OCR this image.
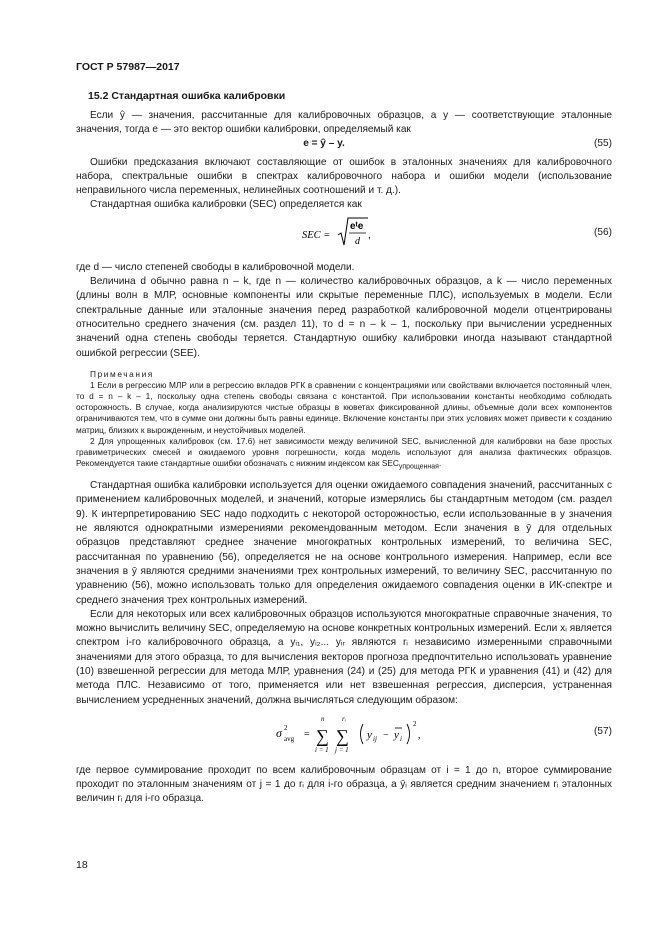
ГОСТ Р 57987—2017
15.2 Стандартная ошибка калибровки

Если ŷ — значения, рассчитанные для калибровочных образцов, а y — соответствующие эталонные значения, тогда e — это вектор ошибки калибровки, определяемый как

e = ŷ – y.	(55)

Ошибки предсказания включают составляющие от ошибок в эталонных значениях для калибровочного набора, спектральные ошибки в спектрах калибровочного набора и ошибки модели (использование неправильного числа переменных, нелинейных соотношений и т. д.).

Стандартная ошибка калибровки (SEC) определяется как

SEC =
eᵗe
d
,	(56)

где d — число степеней свободы в калибровочной модели.

Величина d обычно равна n – k, где n — количество калибровочных образцов, а k — число переменных (длины волн в МЛР, основные компоненты или скрытые переменные ПЛС), используемых в модели. Если спектральные данные или эталонные значения перед разработкой калибровочной модели отцентрированы относительно среднего значения (см. раздел 11), то d = n – k – 1, поскольку при вычислении усредненных значений одна степень свободы теряется. Стандартную ошибку калибровки иногда называют стандартной ошибкой регрессии (SEE).

Примечания

1 Если в регрессию МЛР или в регрессию вкладов РГК в сравнении с концентрациями или свойствами включается постоянный член, то d = n – k – 1, поскольку одна степень свободы связана с константой. При использовании константы необходимо соблюдать осторожность. В случае, когда анализируются чистые образцы в кюветах фиксированной длины, объемные доли всех компонентов ограничиваются тем, что в сумме они должны быть равны единице. Включение константы при этих условиях может привести к созданию матриц, близких к вырожденным, и неустойчивых моделей.

2 Для упрощенных калибровок (см. 17.6) нет зависимости между величиной SEC, вычисленной для калибровки на базе простых гравиметрических смесей и ожидаемого уровня погрешности, когда модель используют для анализа фактических образцов. Рекомендуется такие стандартные ошибки обозначать с нижним индексом как $SEC_{упрощенная}$.

Стандартная ошибка калибровки используется для оценки ожидаемого совпадения значений, рассчитанных с применением калибровочных моделей, и значений, которые измерялись бы стандартным методом (см. раздел 9). К интерпретированию SEC надо подходить с некоторой осторожностью, если использованные в y значения не являются однократными измерениями рекомендованным методом. Если значения в ȳ для отдельных образцов представляют среднее значение многократных контрольных измерений, то величина SEC, рассчитанная по уравнению (56), определяется не на основе контрольного измерения. Например, если все значения в ȳ являются средними значениями трех контрольных измерений, то величину SEC, рассчитанную по уравнению (56), можно использовать только для определения ожидаемого совпадения оценки в ИК-спектре и среднего значения трех контрольных измерений.

Если для некоторых или всех калибровочных образцов используются многократные справочные значения, то можно вычислить величину SEC, определяемую на основе конкретных контрольных измерений. Если xᵢ является спектром i-го калибровочного образца, а yᵢ₁, yᵢ₂... yᵢᵣ являются rᵢ независимо измеренными справочными значениями для этого образца, то для вычисления векторов прогноза предпочтительно использовать уравнение (10) взвешенной регрессии для метода МЛР, уравнения (24) и (25) для метода РГК и уравнения (41) и (42) для метода ПЛС. Независимо от того, применяется или нет взвешенная регрессия, дисперсия, устраненная вычислением усредненных значений, должна вычисляться следующим образом:

σ 2
avg =
n
∑
i = 1
rᵢ
∑
j = 1
y ij − y i
2
,	(57)

где первое суммирование проходит по всем калибровочным образцам от i = 1 до n, второе суммирование проходит по эталонным значениям от j = 1 до rᵢ для i-го образца, а ȳᵢ является средним значением rᵢ эталонных величин rᵢ для i-го образца.

18
